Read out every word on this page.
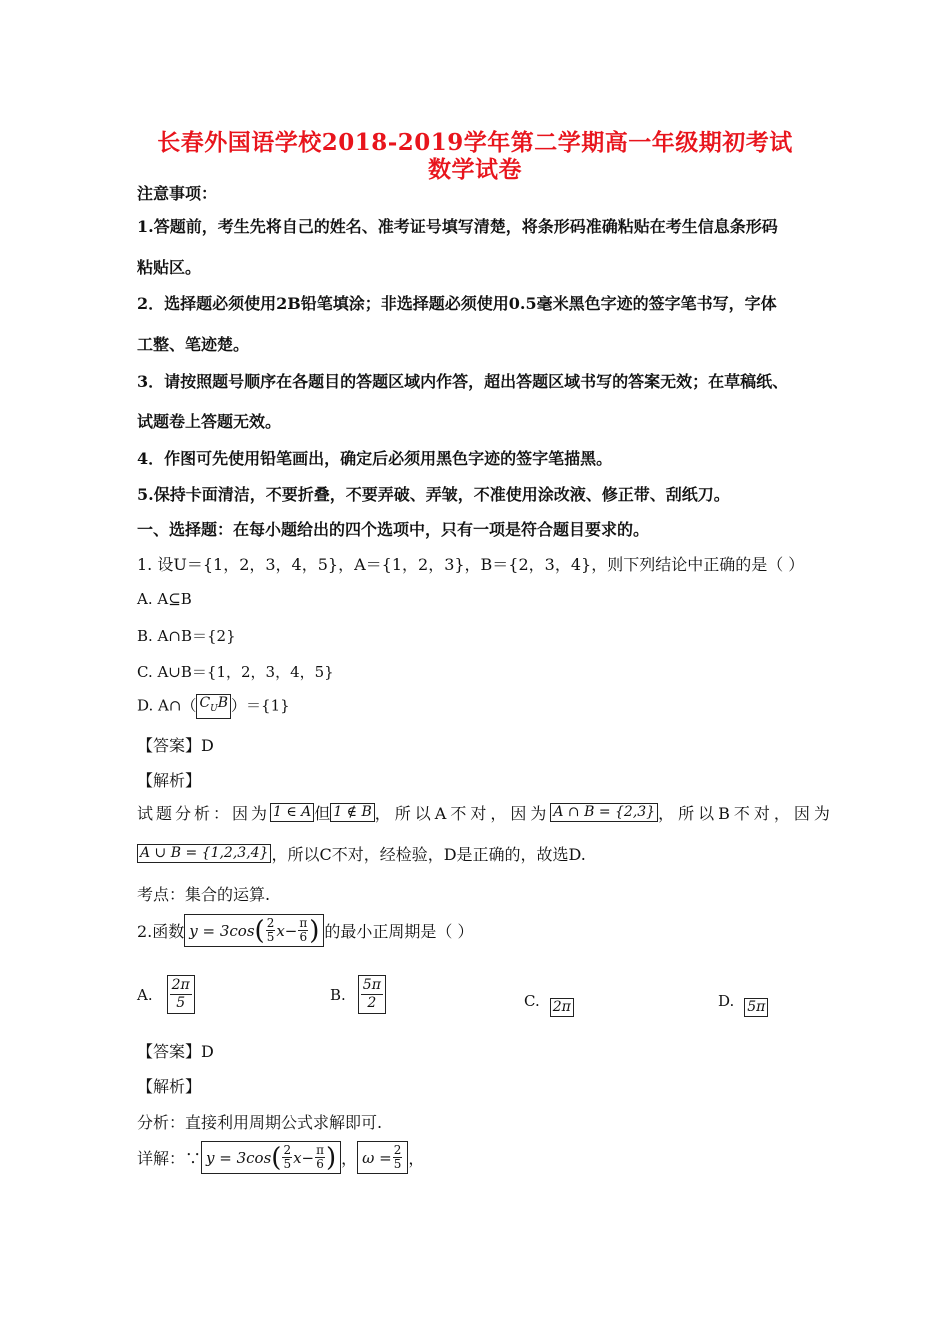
长春外国语学校2018-2019学年第二学期高一年级期初考试
数学试卷
注意事项：
1.答题前，考生先将自己的姓名、准考证号填写清楚，将条形码准确粘贴在考生信息条形码
粘贴区。
2．选择题必须使用2B铅笔填涂；非选择题必须使用0.5毫米黑色字迹的签字笔书写，字体
工整、笔迹楚。
3．请按照题号顺序在各题目的答题区域内作答，超出答题区域书写的答案无效；在草稿纸、
试题卷上答题无效。
4．作图可先使用铅笔画出，确定后必须用黑色字迹的签字笔描黑。
5.保持卡面清洁，不要折叠，不要弄破、弄皱，不准使用涂改液、修正带、刮纸刀。
一、选择题：在每小题给出的四个选项中，只有一项是符合题目要求的。
1. 设U＝{1，2，3，4，5}，A＝{1，2，3}，B＝{2，3，4}，则下列结论中正确的是（ ）
A. A⊆B
B. A∩B＝{2}
C. A∪B＝{1，2，3，4，5}
D. A∩（ $C_UB$ ）＝{1}
【答案】D
【解析】
试题分析：因为 1 ∈ A 但 1 ∉ B ，所以A不对，因为 A ∩ B = {2,3} ，所以B不对，因为
A ∪ B = {1,2,3,4} ，所以C不对，经检验，D是正确的，故选D.
考点：集合的运算.
2.函数 y = 3cos ( $\frac{2}{5} x- \frac{\pi}{6}$ ) 的最小正周期是（ ）
A. $\frac{2\pi}{5}$	B. $\frac{5\pi}{2}$	C. 2π	D. 5π
【答案】D
【解析】
分析：直接利用周期公式求解即可.
详解：∵ y = 3cos ( $\frac{2}{5} x- \frac{\pi}{6}$ ) ， $\omega = \frac{2}{5}$ ，
